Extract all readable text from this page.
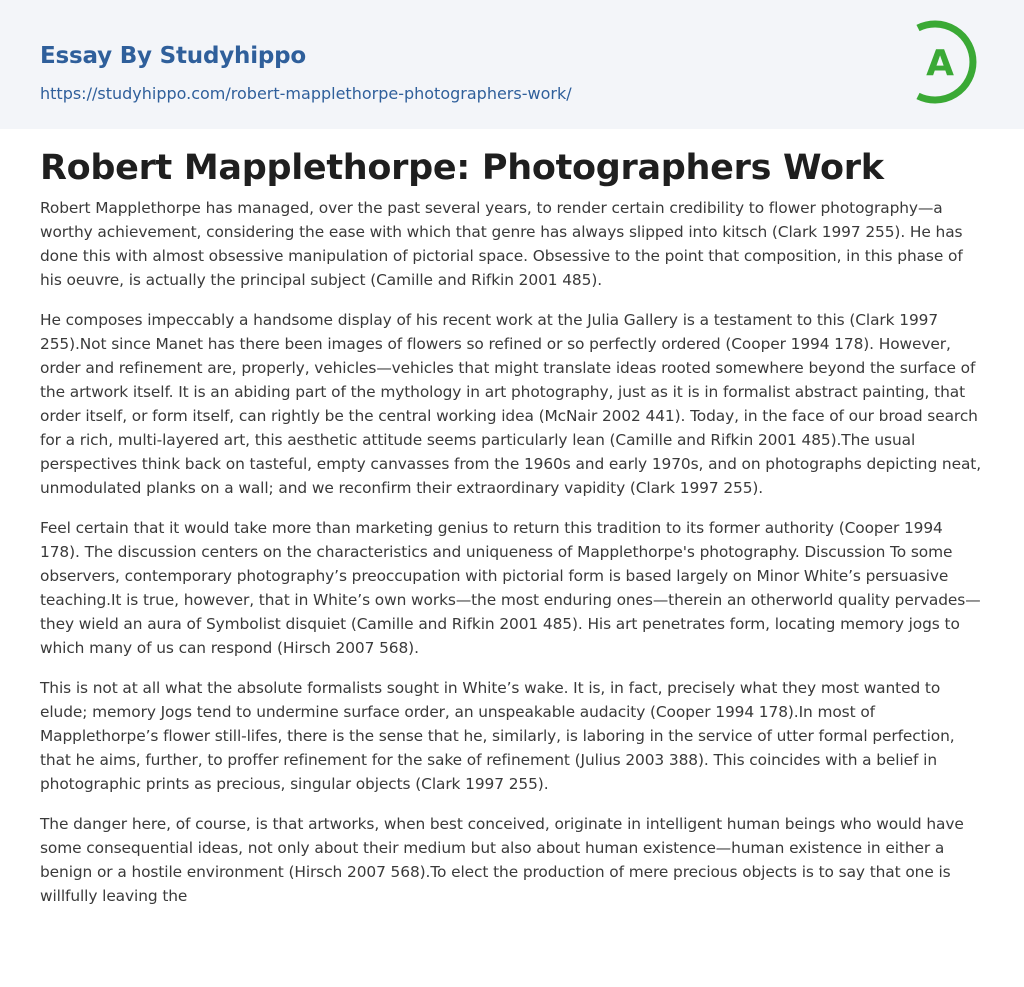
Essay By Studyhippo
https://studyhippo.com/robert-mapplethorpe-photographers-work/
A
Robert Mapplethorpe: Photographers Work

Robert Mapplethorpe has managed, over the past several years, to render certain credibility to flower photography—a worthy achievement, considering the ease with which that genre has always slipped into kitsch (Clark 1997 255). He has done this with almost obsessive manipulation of pictorial space. Obsessive to the point that composition, in this phase of his oeuvre, is actually the principal subject (Camille and Rifkin 2001 485).

He composes impeccably a handsome display of his recent work at the Julia Gallery is a testament to this (Clark 1997 255).Not since Manet has there been images of flowers so refined or so perfectly ordered (Cooper 1994 178). However, order and refinement are, properly, vehicles—vehicles that might translate ideas rooted somewhere beyond the surface of the artwork itself. It is an abiding part of the mythology in art photography, just as it is in formalist abstract painting, that order itself, or form itself, can rightly be the central working idea (McNair 2002 441). Today, in the face of our broad search for a rich, multi-layered art, this aesthetic attitude seems particularly lean (Camille and Rifkin 2001 485).The usual perspectives think back on tasteful, empty canvasses from the 1960s and early 1970s, and on photographs depicting neat, unmodulated planks on a wall; and we reconfirm their extraordinary vapidity (Clark 1997 255).

Feel certain that it would take more than marketing genius to return this tradition to its former authority (Cooper 1994 178). The discussion centers on the characteristics and uniqueness of Mapplethorpe's photography. Discussion To some observers, contemporary photography’s preoccupation with pictorial form is based largely on Minor White’s persuasive teaching.It is true, however, that in White’s own works—the most enduring ones—therein an otherworld quality pervades— they wield an aura of Symbolist disquiet (Camille and Rifkin 2001 485). His art penetrates form, locating memory jogs to which many of us can respond (Hirsch 2007 568).

This is not at all what the absolute formalists sought in White’s wake. It is, in fact, precisely what they most wanted to elude; memory Jogs tend to undermine surface order, an unspeakable audacity (Cooper 1994 178).In most of Mapplethorpe’s flower still-lifes, there is the sense that he, similarly, is laboring in the service of utter formal perfection, that he aims, further, to proffer refinement for the sake of refinement (Julius 2003 388). This coincides with a belief in photographic prints as precious, singular objects (Clark 1997 255).

The danger here, of course, is that artworks, when best conceived, originate in intelligent human beings who would have some consequential ideas, not only about their medium but also about human existence—human existence in either a benign or a hostile environment (Hirsch 2007 568).To elect the production of mere precious objects is to say that one is willfully leaving the
